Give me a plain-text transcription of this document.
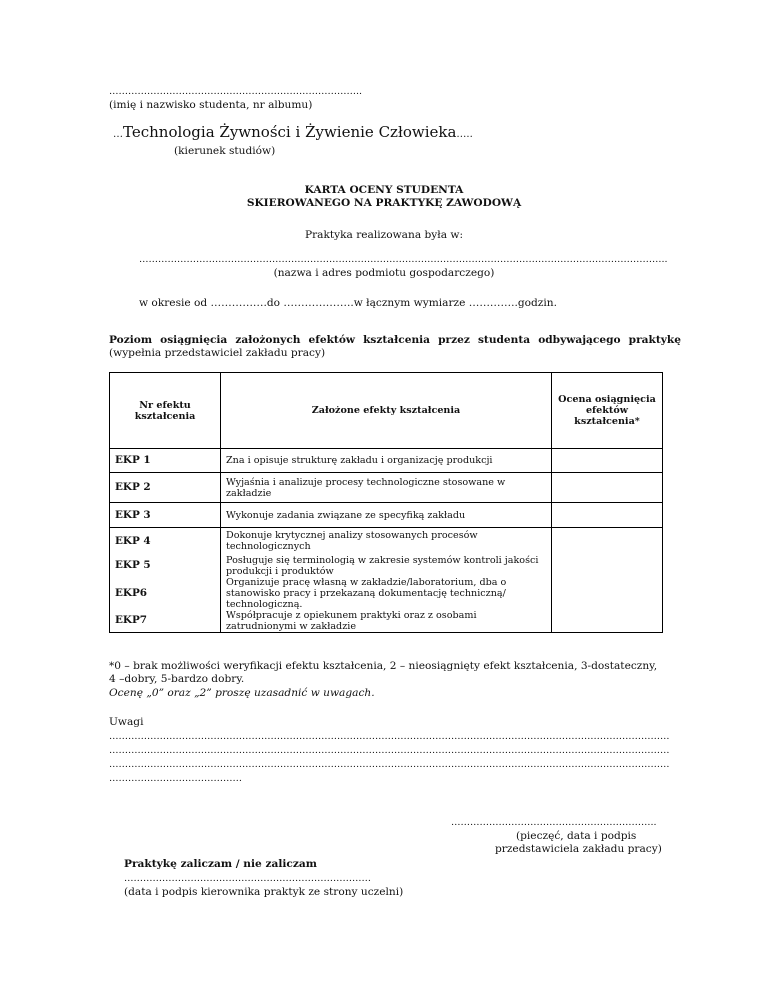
……………………………………………………………………..
(imię i nazwisko studenta, nr albumu)
…Technologia Żywności i Żywienie Człowieka…..
(kierunek studiów)
KARTA OCENY STUDENTA
SKIEROWANEGO NA PRAKTYKĘ ZAWODOWĄ
Praktyka realizowana była w:
…………………………………………………………………………………………………………………………………………………..
(nazwa i adres podmiotu gospodarczego)
w okresie od …………….do ………………..w łącznym wymiarze …………..godzin.
Poziom osiągnięcia założonych efektów kształcenia przez studenta odbywającego praktykę
(wypełnia przedstawiciel zakładu pracy)
Nr efektu kształcenia	Założone efekty kształcenia	Ocena osiągnięcia efektów kształcenia*
EKP 1	Zna i opisuje strukturę zakładu i organizację produkcji	
EKP 2	Wyjaśnia i analizuje procesy technologiczne stosowane w zakładzie	
EKP 3	Wykonuje zadania związane ze specyfiką zakładu	
EKP 4	Dokonuje krytycznej analizy stosowanych procesów technologicznych	
EKP 5	Posługuje się terminologią w zakresie systemów kontroli jakości produkcji i produktów	
EKP6	Organizuje pracę własną w zakładzie/laboratorium, dba o stanowisko pracy i przekazaną dokumentację techniczną/ technologiczną.	
EKP7	Współpracuje z opiekunem praktyki oraz z osobami zatrudnionymi w zakładzie	
*0 – brak możliwości weryfikacji efektu kształcenia, 2 – nieosiągnięty efekt kształcenia, 3-dostateczny,
4 –dobry, 5-bardzo dobry.
Ocenę „0” oraz „2” proszę uzasadnić w uwagach.
Uwagi
……………………………………………………………………………………………………………………………………………………………
……………………………………………………………………………………………………………………………………………………………
……………………………………………………………………………………………………………………………………………………………
……………………………………
………………………………………………………..
(pieczęć, data i podpis
przedstawiciela zakładu pracy)
Praktykę zaliczam / nie zaliczam
……………………………………………………………………
(data i podpis kierownika praktyk ze strony uczelni)
